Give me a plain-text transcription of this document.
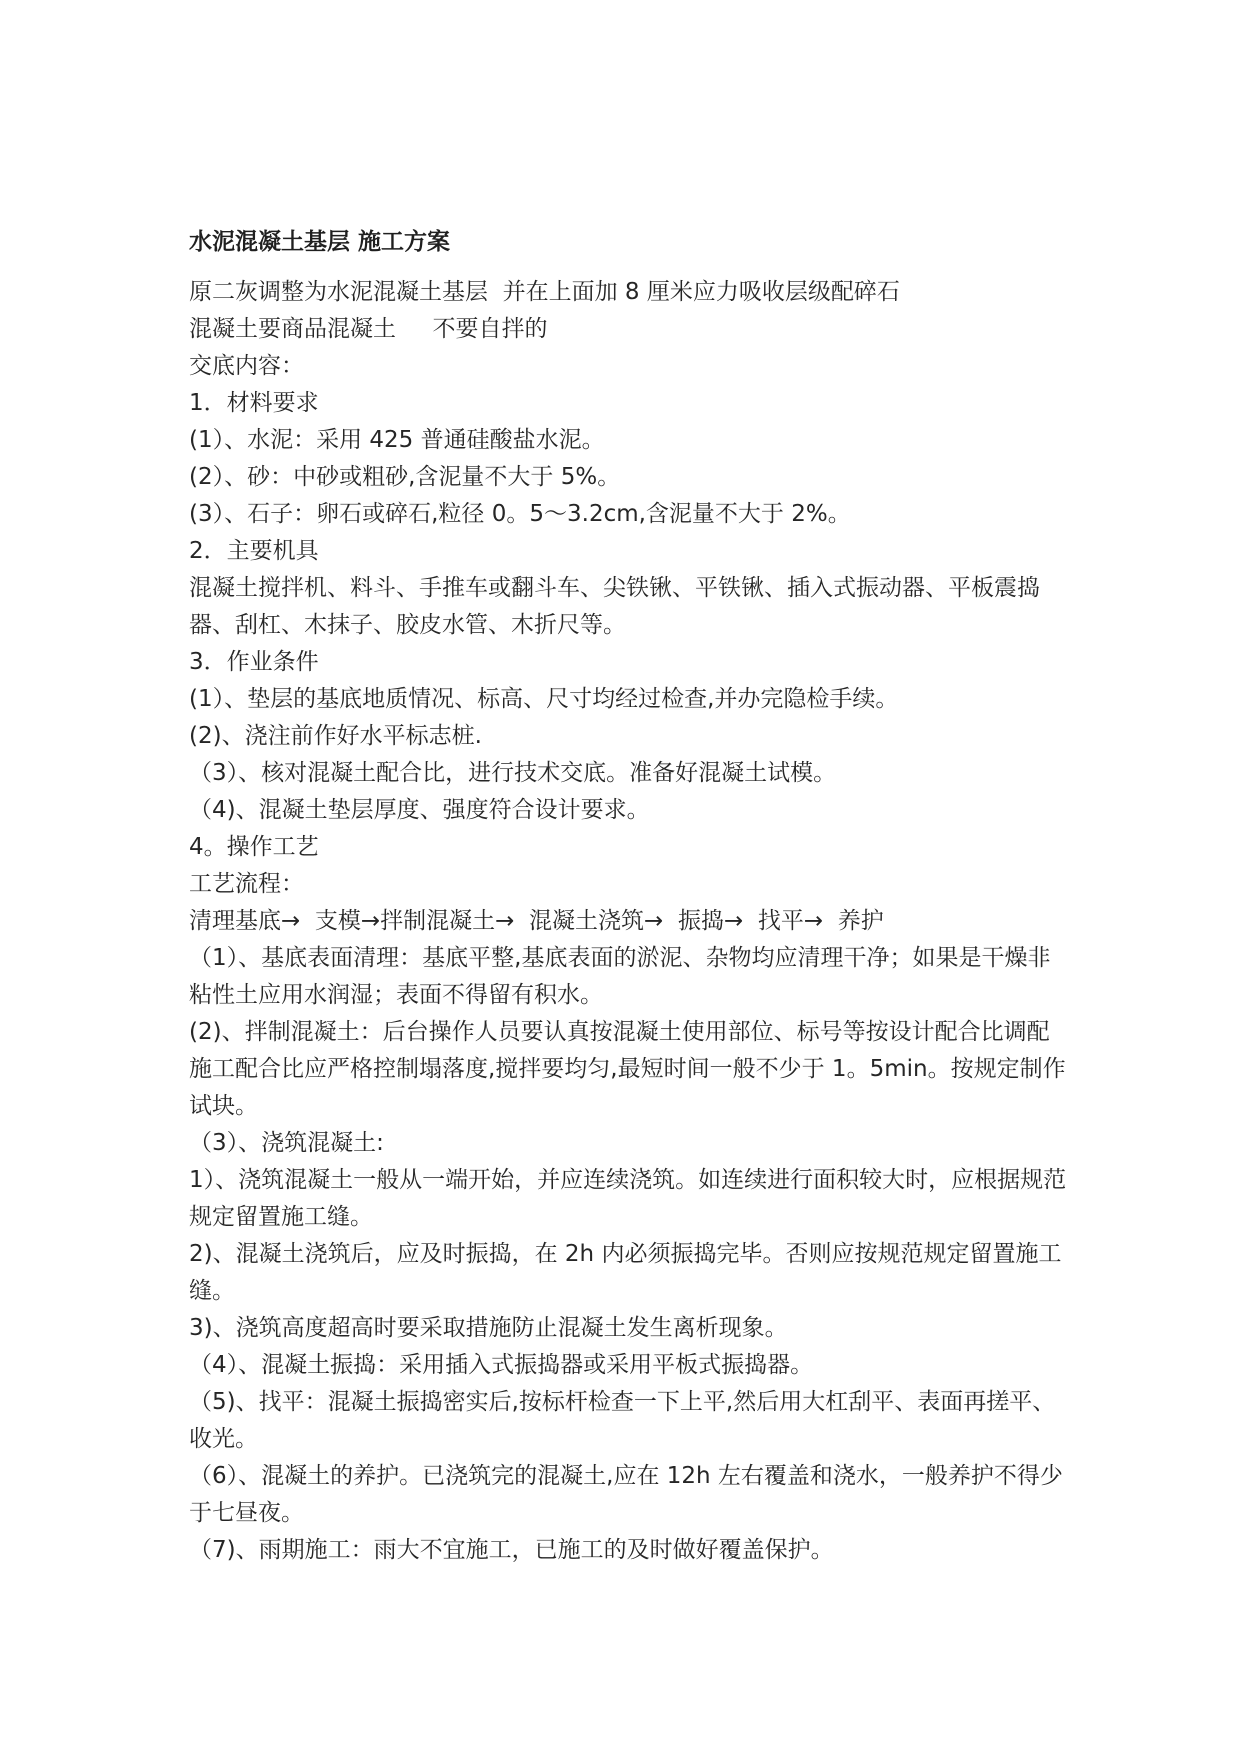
水泥混凝土基层 施工方案

原二灰调整为水泥混凝土基层  并在上面加 8 厘米应力吸收层级配碎石

混凝土要商品混凝土     不要自拌的

交底内容：

1．材料要求

(1）、水泥：采用 425 普通硅酸盐水泥。

(2）、砂：中砂或粗砂,含泥量不大于 5%。

(3）、石子：卵石或碎石,粒径 0。5～3.2cm,含泥量不大于 2%。

2．主要机具

混凝土搅拌机、料斗、手推车或翻斗车、尖铁锹、平铁锹、插入式振动器、平板震捣器、刮杠、木抹子、胶皮水管、木折尺等。

3．作业条件

(1）、垫层的基底地质情况、标高、尺寸均经过检查,并办完隐检手续。

(2)、浇注前作好水平标志桩.

（3）、核对混凝土配合比，进行技术交底。准备好混凝土试模。

（4)、混凝土垫层厚度、强度符合设计要求。

4。操作工艺

工艺流程：

清理基底→  支模→拌制混凝土→  混凝土浇筑→  振捣→  找平→  养护

（1）、基底表面清理：基底平整,基底表面的淤泥、杂物均应清理干净；如果是干燥非粘性土应用水润湿；表面不得留有积水。

(2)、拌制混凝土：后台操作人员要认真按混凝土使用部位、标号等按设计配合比调配施工配合比应严格控制塌落度,搅拌要均匀,最短时间一般不少于 1。5min。按规定制作试块。

（3）、浇筑混凝土:

1）、浇筑混凝土一般从一端开始，并应连续浇筑。如连续进行面积较大时，应根据规范规定留置施工缝。

2)、混凝土浇筑后，应及时振捣，在 2h 内必须振捣完毕。否则应按规范规定留置施工缝。

3)、浇筑高度超高时要采取措施防止混凝土发生离析现象。

（4）、混凝土振捣：采用插入式振捣器或采用平板式振捣器。

（5)、找平：混凝土振捣密实后,按标杆检查一下上平,然后用大杠刮平、表面再搓平、收光。

（6）、混凝土的养护。已浇筑完的混凝土,应在 12h 左右覆盖和浇水，一般养护不得少于七昼夜。

（7)、雨期施工：雨大不宜施工，已施工的及时做好覆盖保护。
